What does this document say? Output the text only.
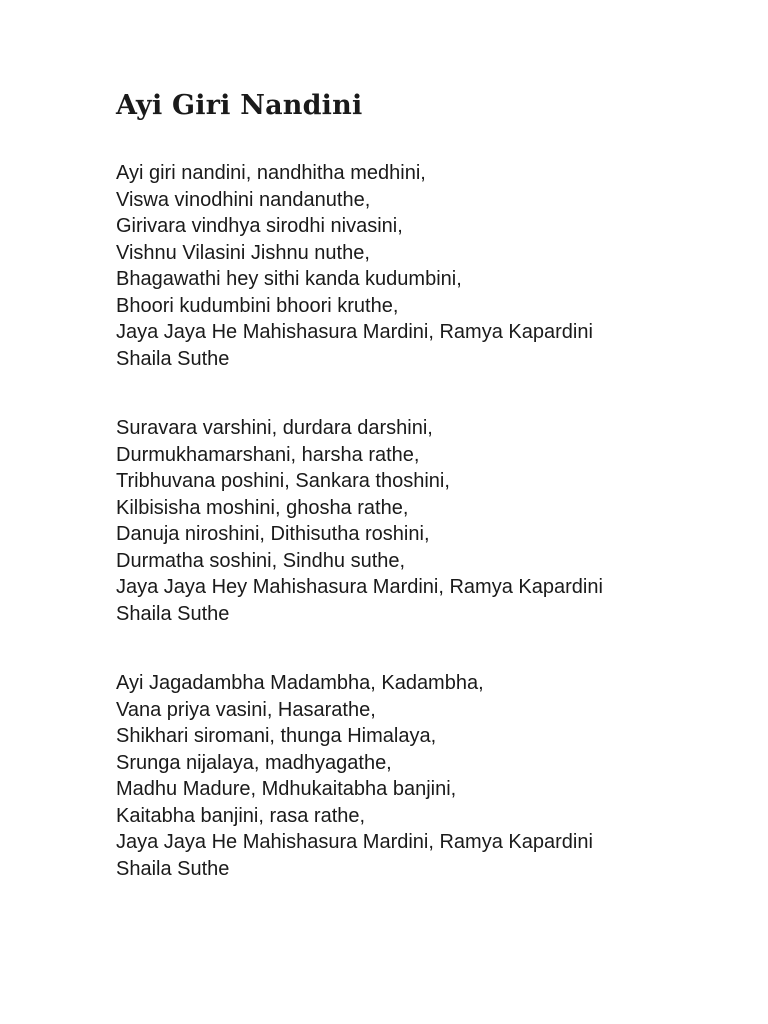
Ayi Giri Nandini
Ayi giri nandini, nandhitha medhini,
Viswa vinodhini nandanuthe,
Girivara vindhya sirodhi nivasini,
Vishnu Vilasini Jishnu nuthe,
Bhagawathi hey sithi kanda kudumbini,
Bhoori kudumbini bhoori kruthe,
Jaya Jaya He Mahishasura Mardini, Ramya Kapardini
Shaila Suthe
Suravara varshini, durdara darshini,
Durmukhamarshani, harsha rathe,
Tribhuvana poshini, Sankara thoshini,
Kilbisisha moshini, ghosha rathe,
Danuja niroshini, Dithisutha roshini,
Durmatha soshini, Sindhu suthe,
Jaya Jaya Hey Mahishasura Mardini, Ramya Kapardini
Shaila Suthe
Ayi Jagadambha Madambha, Kadambha,
Vana priya vasini, Hasarathe,
Shikhari siromani, thunga Himalaya,
Srunga nijalaya, madhyagathe,
Madhu Madure, Mdhukaitabha banjini,
Kaitabha banjini, rasa rathe,
Jaya Jaya He Mahishasura Mardini, Ramya Kapardini
Shaila Suthe
